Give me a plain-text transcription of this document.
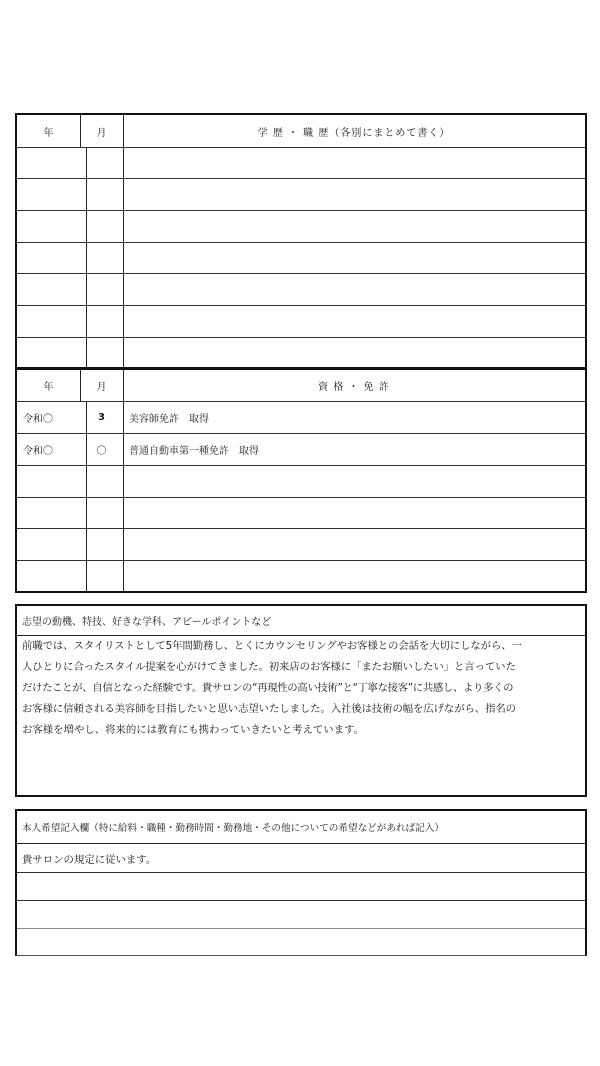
年	月	学 歴 ・ 職 歴（各別にまとめて書く）
年	月	資 格 ・ 免 許
令和〇	3	美容師免許　取得
令和〇	〇	普通自動車第一種免許　取得
志望の動機、特技、好きな学科、アピールポイントなど
前職では、スタイリストとして5年間勤務し、とくにカウンセリングやお客様との会話を大切にしながら、一
人ひとりに合ったスタイル提案を心がけてきました。初来店のお客様に「またお願いしたい」と言っていた
だけたことが、自信となった経験です。貴サロンの“再現性の高い技術”と“丁寧な接客”に共感し、より多くの
お客様に信頼される美容師を目指したいと思い志望いたしました。入社後は技術の幅を広げながら、指名の
お客様を増やし、将来的には教育にも携わっていきたいと考えています。
本人希望記入欄（特に給料・職種・勤務時間・勤務地・その他についての希望などがあれば記入）
貴サロンの規定に従います。
